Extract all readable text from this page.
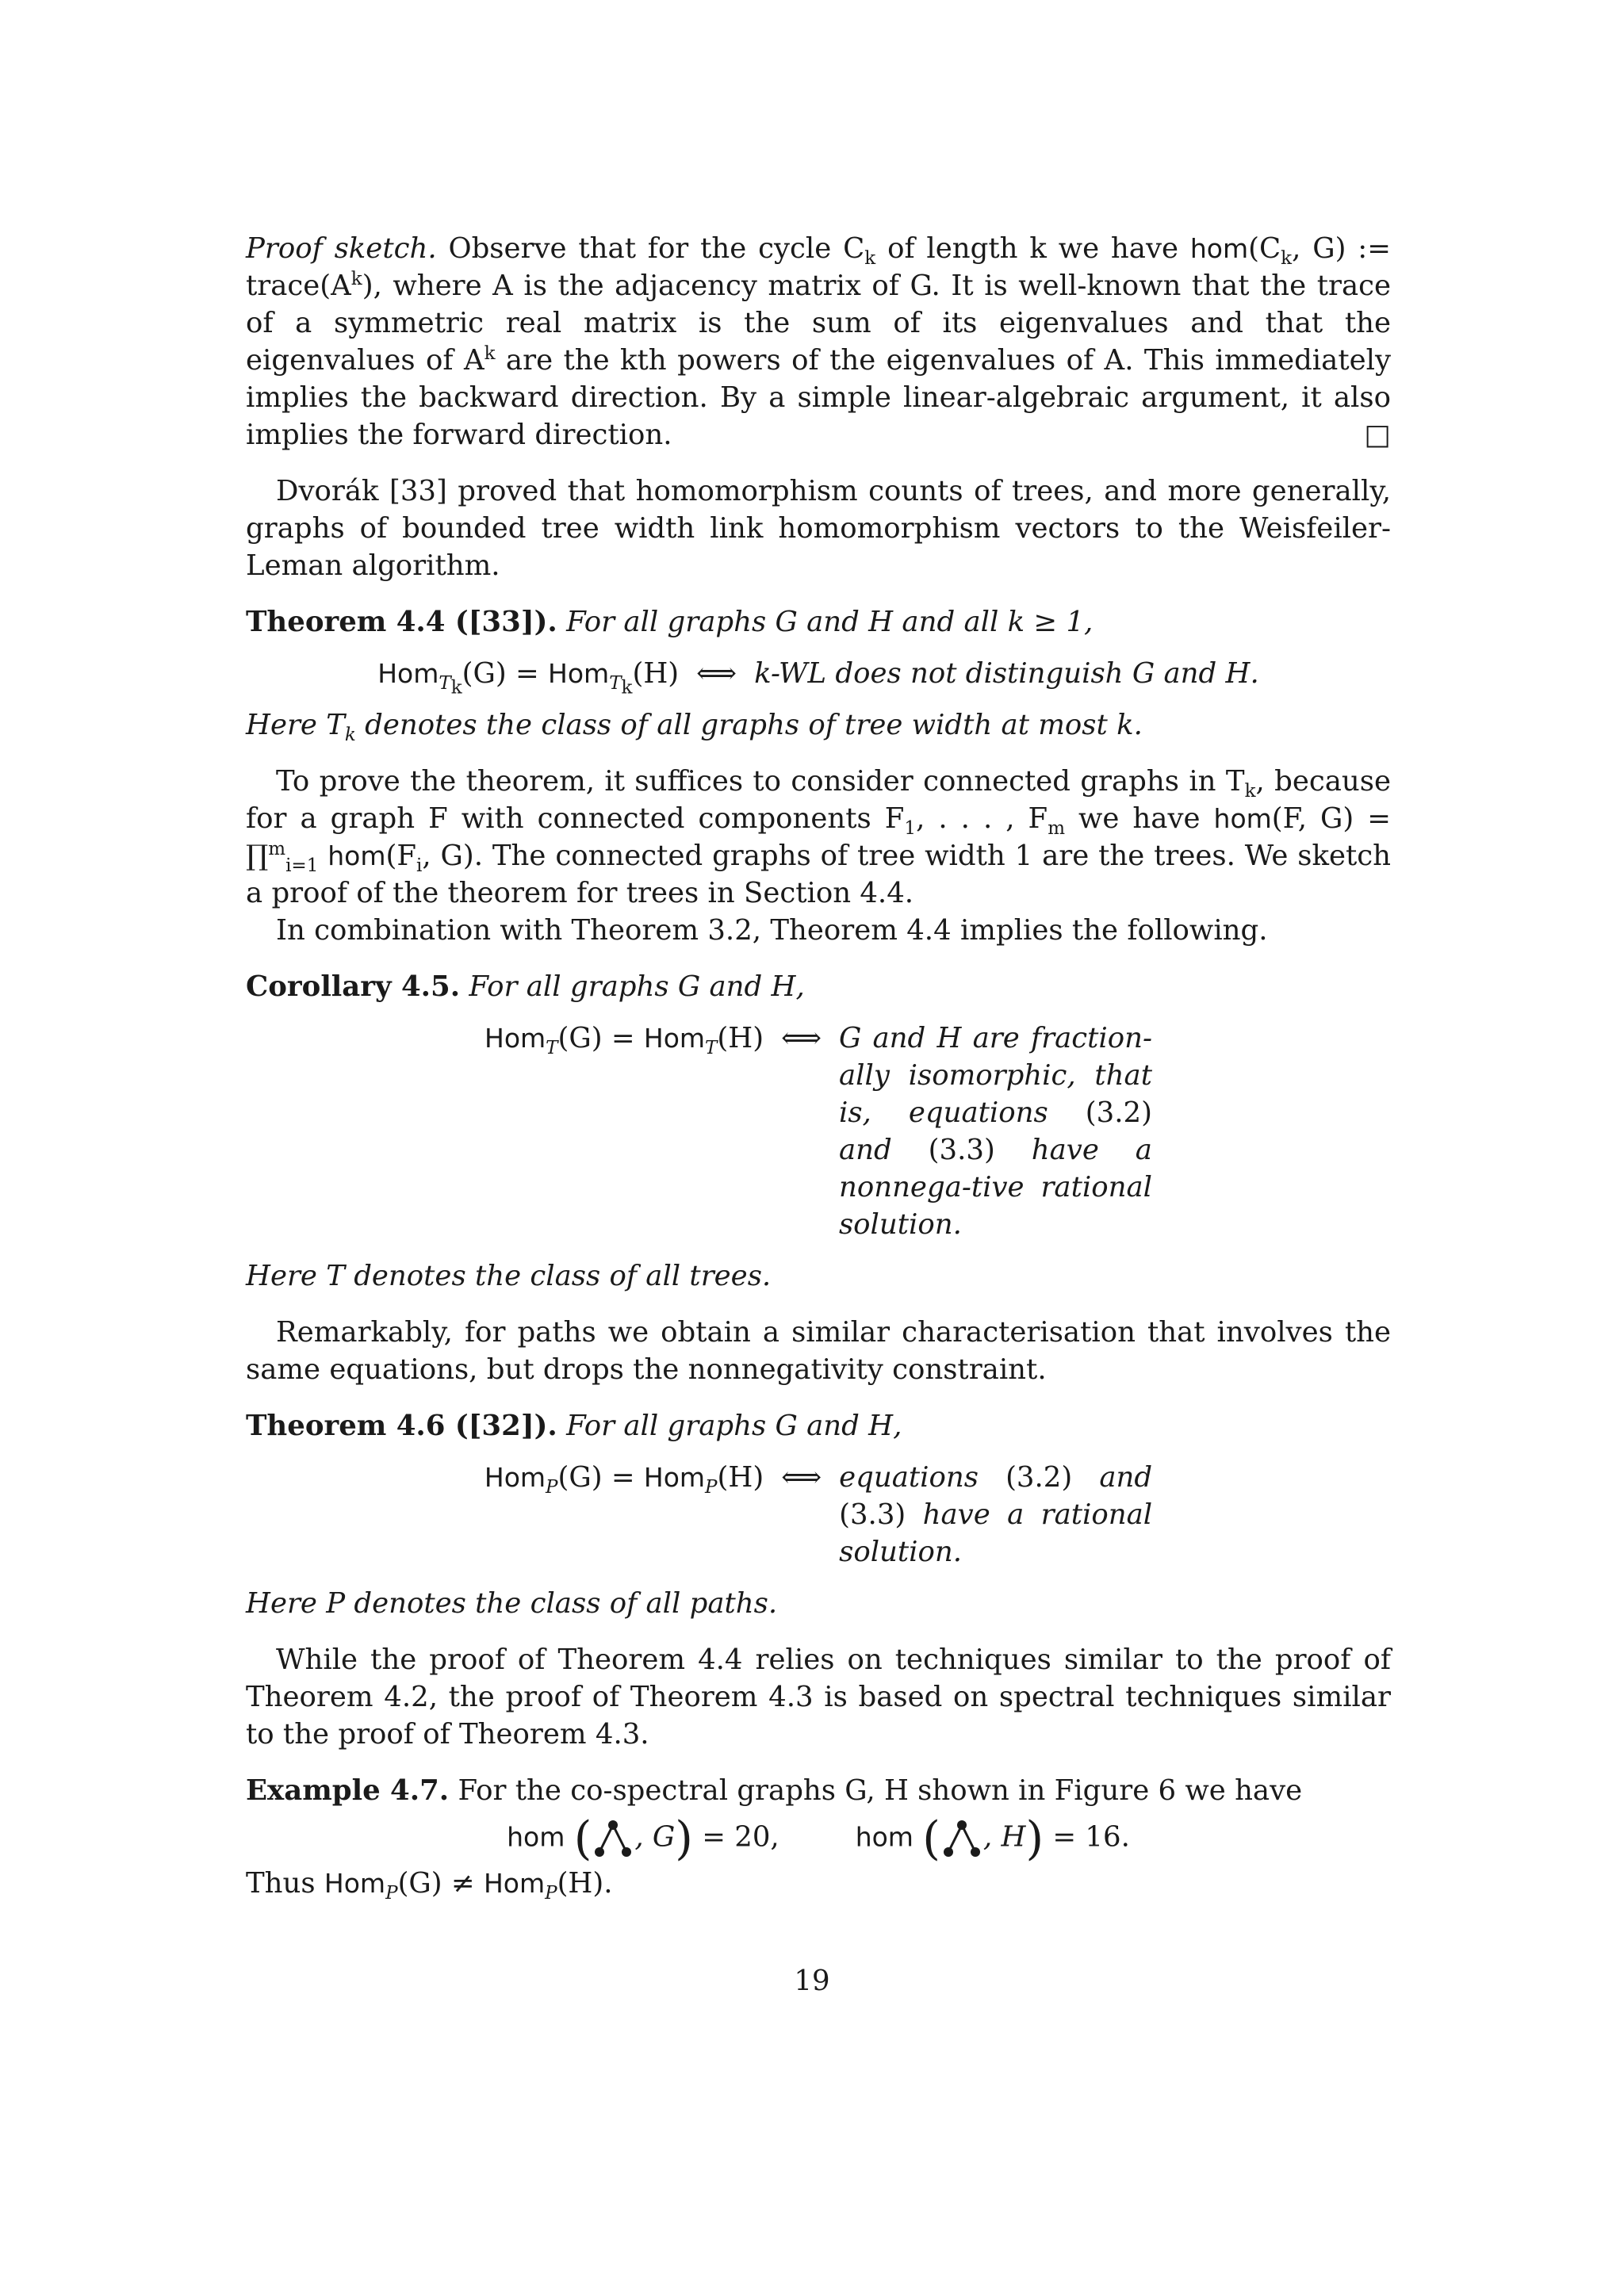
Proof sketch. Observe that for the cycle $C_k$ of length k we have $hom(C_k$, G) := $trace(A^k)$, where A is the adjacency matrix of G. It is well-known that the trace of a symmetric real matrix is the sum of its eigenvalues and that the eigenvalues of $A^k$ are the kth powers of the eigenvalues of A. This immediately implies the backward direction. By a simple linear-algebraic argument, it also implies the forward direction.	□

Dvorák [33] proved that homomorphism counts of trees, and more generally, graphs of bounded tree width link homomorphism vectors to the Weisfeiler-Leman algorithm.

Theorem 4.4 ([33]). For all graphs G and H and all k ≥ 1,

Hom$_{T_k}$(G) = Hom$_{T_k}$(H) ⟺ k-WL does not distinguish G and H.

Here $T_k$ denotes the class of all graphs of tree width at most k.

To prove the theorem, it suffices to consider connected graphs in $T_k$, because for a graph F with connected components $F_1$, . . . , $F_m$ we have hom(F, G) = ∏$^m_{i=1}$ $hom(F_i$, G). The connected graphs of tree width 1 are the trees. We sketch a proof of the theorem for trees in Section 4.4.

In combination with Theorem 3.2, Theorem 4.4 implies the following.

Corollary 4.5. For all graphs G and H,

Hom$_T$(G) = Hom$_T$(H) ⟺ G and H are fraction-ally isomorphic, that is, equations (3.2) and (3.3) have a nonnega-tive rational solution.

Here T denotes the class of all trees.

Remarkably, for paths we obtain a similar characterisation that involves the same equations, but drops the nonnegativity constraint.

Theorem 4.6 ([32]). For all graphs G and H,

Hom$_P$(G) = Hom$_P$(H) ⟺ equations (3.2) and (3.3) have a rational solution.

Here P denotes the class of all paths.

While the proof of Theorem 4.4 relies on techniques similar to the proof of Theorem 4.2, the proof of Theorem 4.3 is based on spectral techniques similar to the proof of Theorem 4.3.

Example 4.7. For the co-spectral graphs G, H shown in Figure 6 we have

hom ( , G) = 20,	hom ( , H) = 16.

Thus Hom$_P$(G) ≠ Hom$_P$(H).

19
